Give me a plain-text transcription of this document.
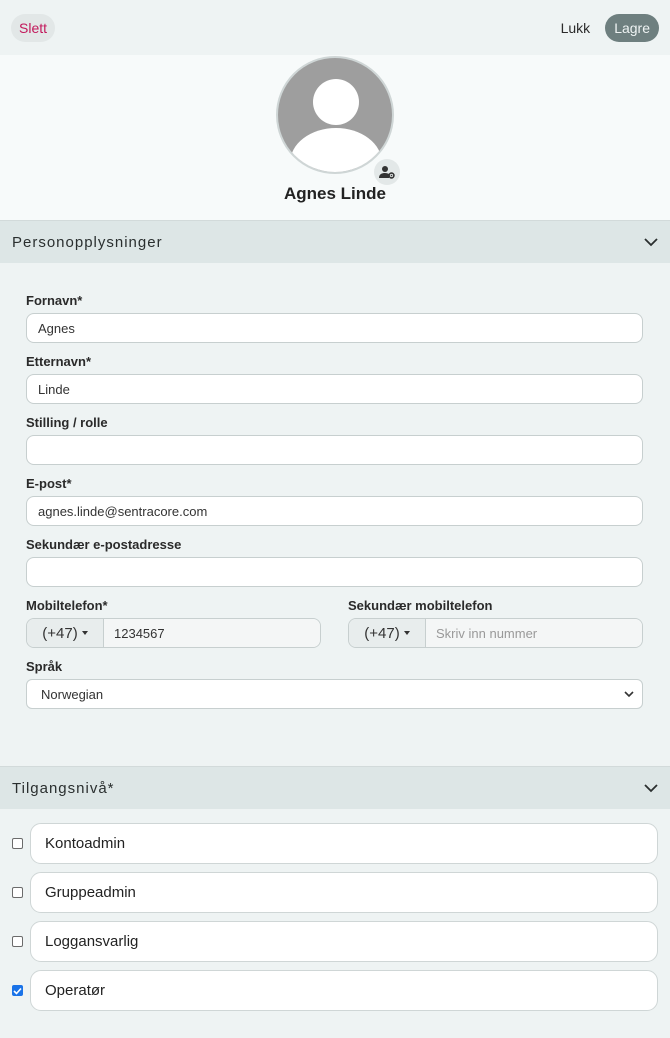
Slett	Lukk	Lagre
Agnes Linde
Personopplysninger
Fornavn*
Agnes
Etternavn*
Linde
Stilling / rolle
E-post*
agnes.linde@sentracore.com
Sekundær e-postadresse
Mobiltelefon*
(+47)	1234567
Sekundær mobiltelefon
(+47)	Skriv inn nummer
Språk
Norwegian
Tilgangsnivå*
Kontoadmin
Gruppeadmin
Loggansvarlig
Operatør
